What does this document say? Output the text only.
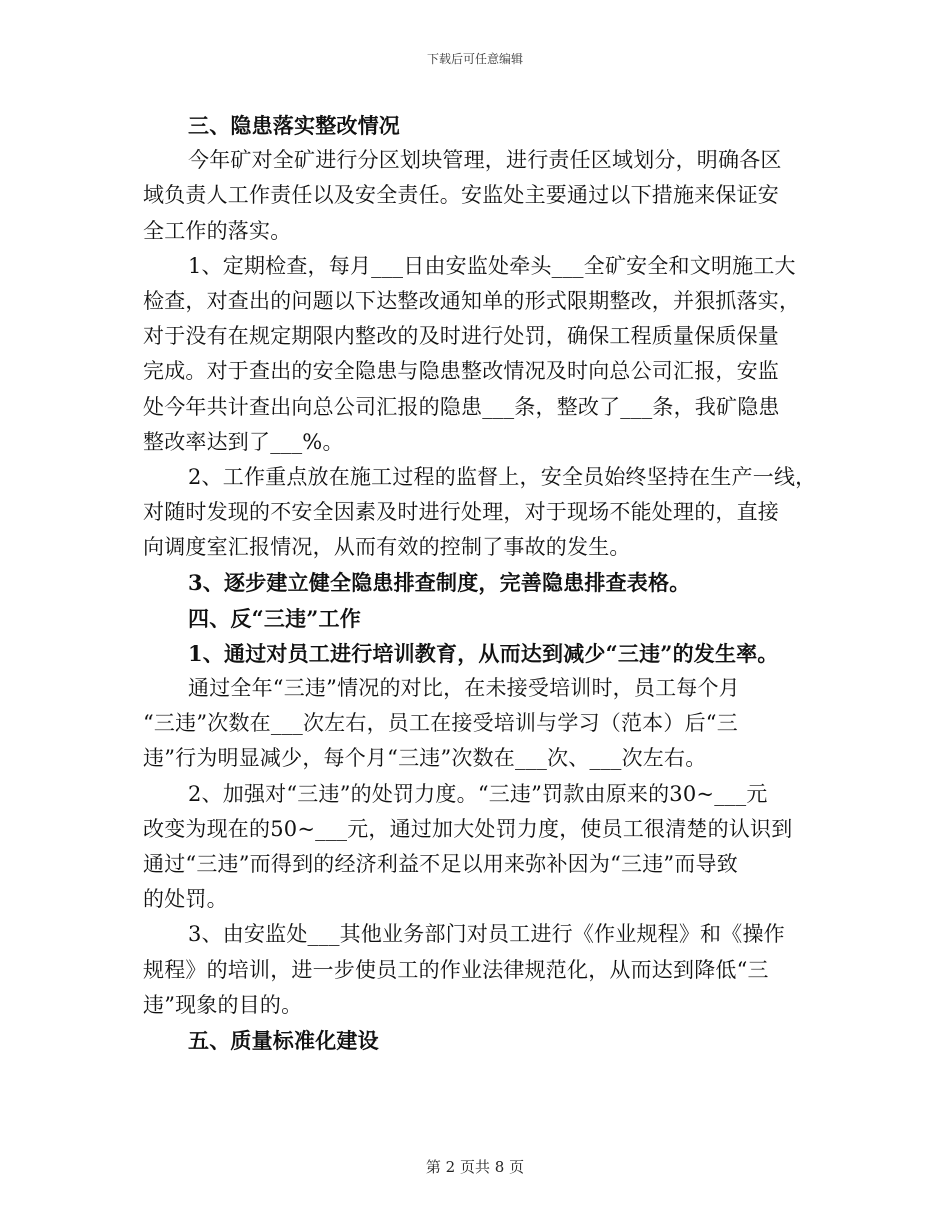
下载后可任意编辑
三、隐患落实整改情况
今年矿对全矿进行分区划块管理，进行责任区域划分，明确各区
域负责人工作责任以及安全责任。安监处主要通过以下措施来保证安
全工作的落实。
1、定期检查，每月___日由安监处牵头___全矿安全和文明施工大
检查，对查出的问题以下达整改通知单的形式限期整改，并狠抓落实，
对于没有在规定期限内整改的及时进行处罚，确保工程质量保质保量
完成。对于查出的安全隐患与隐患整改情况及时向总公司汇报，安监
处今年共计查出向总公司汇报的隐患___条，整改了___条，我矿隐患
整改率达到了___%。
2、工作重点放在施工过程的监督上，安全员始终坚持在生产一线，
对随时发现的不安全因素及时进行处理，对于现场不能处理的，直接
向调度室汇报情况，从而有效的控制了事故的发生。
3、逐步建立健全隐患排查制度，完善隐患排查表格。
四、反“三违”工作
1、通过对员工进行培训教育，从而达到减少“三违”的发生率。
通过全年“三违”情况的对比，在未接受培训时，员工每个月
“三违”次数在___次左右，员工在接受培训与学习（范本）后“三
违”行为明显减少，每个月“三违”次数在___次、___次左右。
2、加强对“三违”的处罚力度。“三违”罚款由原来的30~___元
改变为现在的50~___元，通过加大处罚力度，使员工很清楚的认识到
通过“三违”而得到的经济利益不足以用来弥补因为“三违”而导致
的处罚。
3、由安监处___其他业务部门对员工进行《作业规程》和《操作
规程》的培训，进一步使员工的作业法律规范化，从而达到降低“三
违”现象的目的。
五、质量标准化建设
第 2 页共 8 页
